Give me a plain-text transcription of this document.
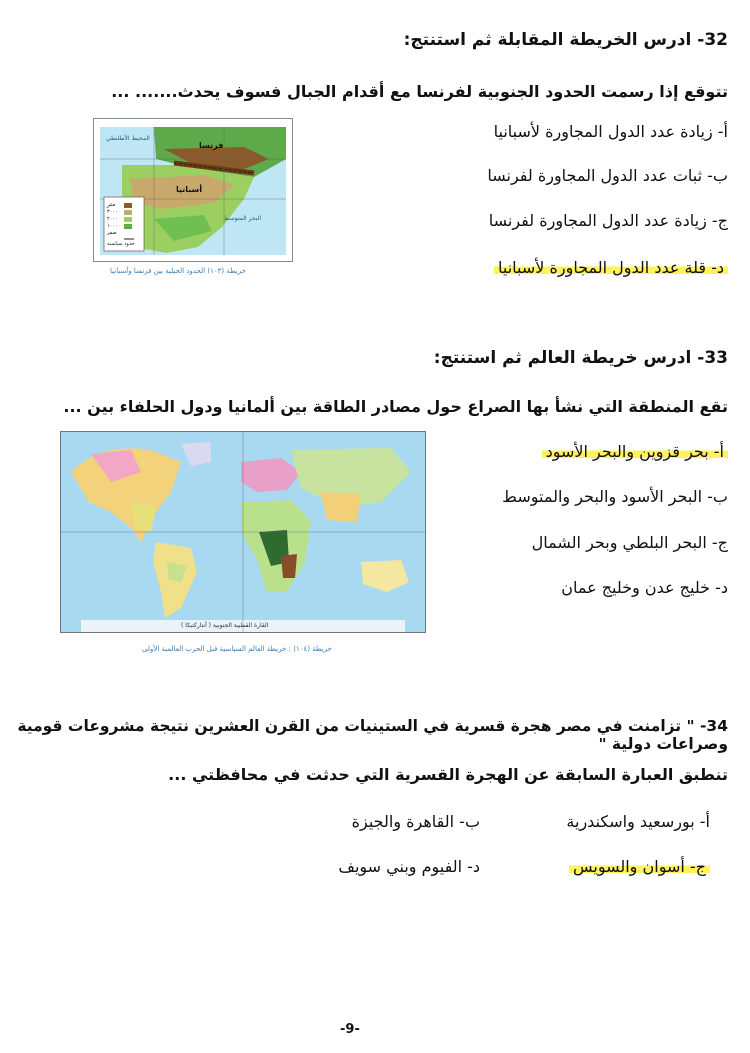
32- ادرس الخريطة المقابلة ثم استنتج:
تتوقع إذا رسمت الحدود الجنوبية لفرنسا مع أقدام الجبال فسوف يحدث....... ...
أ- زيادة عدد الدول المجاورة لأسبانيا
ب- ثبات عدد الدول المجاورة لفرنسا
ج- زيادة عدد الدول المجاورة لفرنسا
د- قلة عدد الدول المجاورة لأسبانيا
فرنسا
أسبانيا
البحر المتوسط
المحيط الأطلنطي
متر
٣٠٠٠
٢٠٠٠
١٠٠٠
صفر
حدود سياسية
خريطة (١٠٣) الحدود الجبلية بين فرنسا وأسبانيا
33- ادرس خريطة العالم ثم استنتج:
تقع المنطقة التي نشأ بها الصراع حول مصادر الطاقة بين ألمانيا ودول الحلفاء بين ...
أ- بحر قزوين والبحر الأسود
ب- البحر الأسود والبحر والمتوسط
ج- البحر البلطي وبحر الشمال
د- خليج عدن وخليج عمان
القارة القطبية الجنوبية ( أنتاركتيكا )
خريطة (١٠٤) : خريطة العالم السياسية قبل الحرب العالمية الأولى
34- " تزامنت في مصر هجرة قسرية في الستينيات من القرن العشرين نتيجة مشروعات قومية وصراعات دولية "
تنطبق العبارة السابقة عن الهجرة القسرية التي حدثت في محافظتي ...
أ- بورسعيد واسكندرية
ب- القاهرة والجيزة
ج- أسوان والسويس
د- الفيوم وبني سويف
-9-
